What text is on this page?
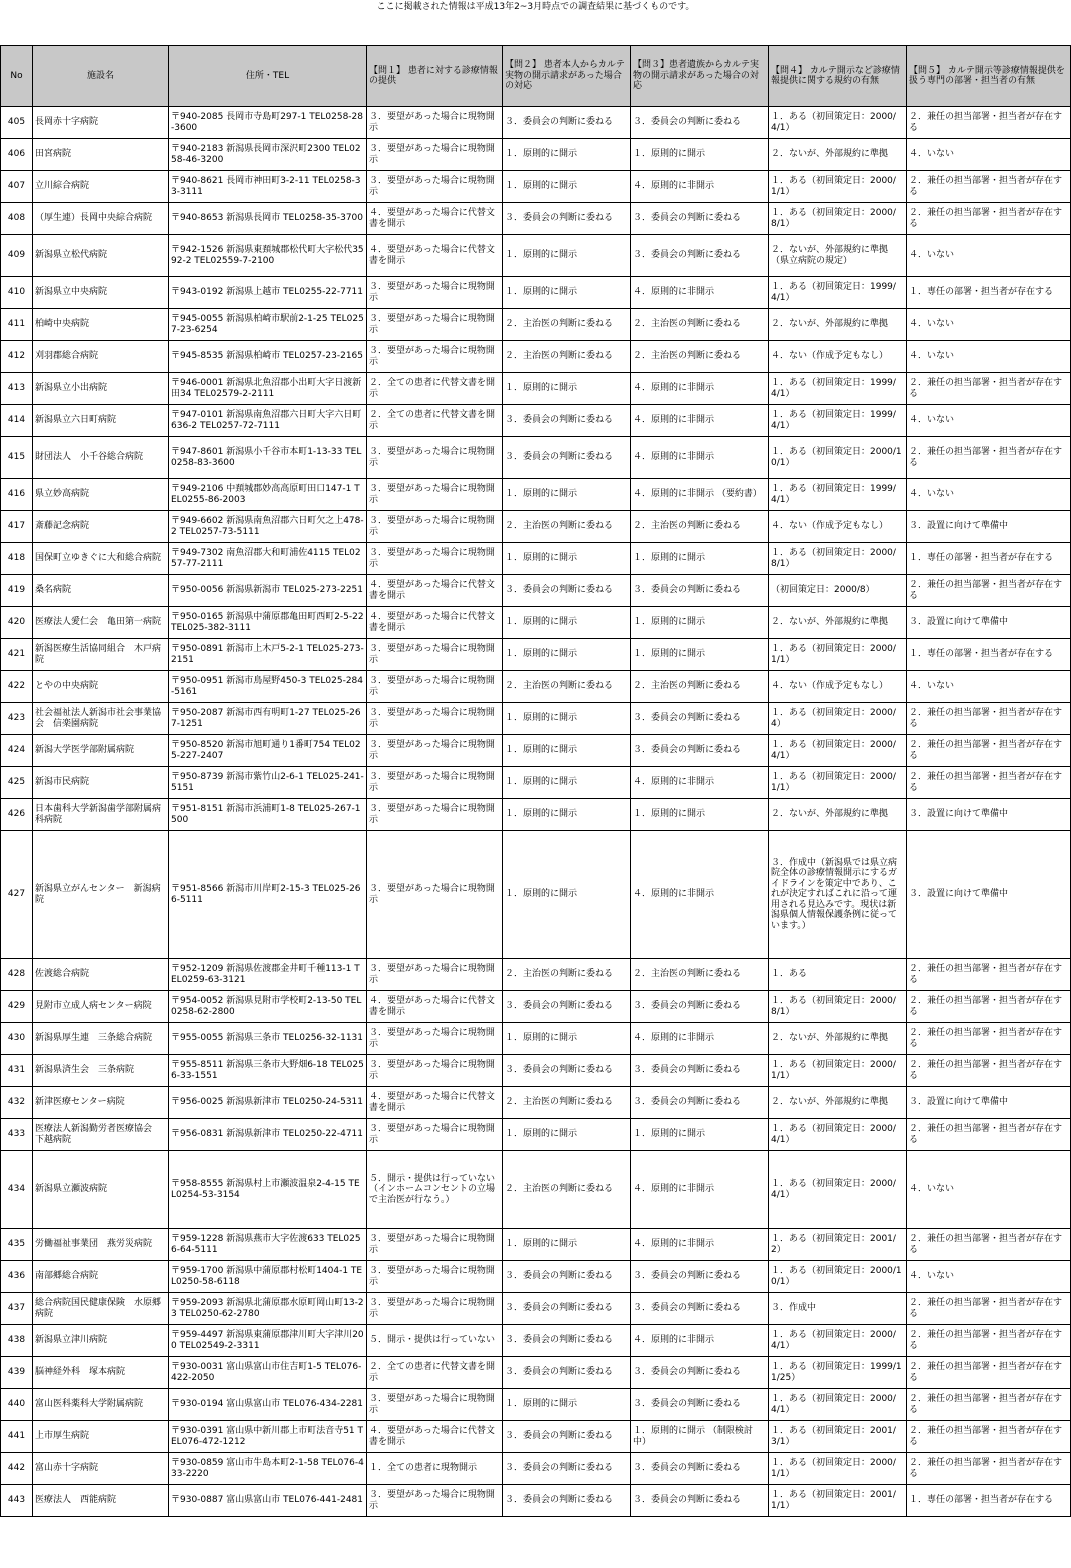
ここに掲載された情報は平成13年2~3月時点での調査結果に基づくものです。
No	施設名	住所・TEL	【問１】 患者に対する診療情報の提供	【問２】 患者本人からカルテ実物の開示請求があった場合の対応	【問３】患者遺族からカルテ実物の開示請求があった場合の対応	【問４】 カルテ開示など診療情報提供に関する規約の有無	【問５】 カルテ開示等診療情報提供を扱う専門の部署・担当者の有無
405	長岡赤十字病院	〒940-2085 長岡市寺島町297-1 TEL0258-28-3600	３．要望があった場合に現物開示	３．委員会の判断に委ねる	３．委員会の判断に委ねる	１．ある（初回策定日：2000/4/1）	２．兼任の担当部署・担当者が存在する
406	田宮病院	〒940-2183 新潟県長岡市深沢町2300 TEL0258-46-3200	３．要望があった場合に現物開示	１．原則的に開示	１．原則的に開示	２．ないが、外部規約に準拠	４．いない
407	立川綜合病院	〒940-8621 長岡市神田町3-2-11 TEL0258-33-3111	３．要望があった場合に現物開示	１．原則的に開示	４．原則的に非開示	１．ある（初回策定日：2000/1/1）	２．兼任の担当部署・担当者が存在する
408	（厚生連）長岡中央綜合病院	〒940-8653 新潟県長岡市 TEL0258-35-3700	４．要望があった場合に代替文書を開示	３．委員会の判断に委ねる	３．委員会の判断に委ねる	１．ある（初回策定日：2000/8/1）	２．兼任の担当部署・担当者が存在する
409	新潟県立松代病院	〒942-1526 新潟県東頚城郡松代町大字松代3592-2 TEL02559-7-2100	４．要望があった場合に代替文書を開示	１．原則的に開示	３．委員会の判断に委ねる	２．ないが、外部規約に準拠（県立病院の規定）	４．いない
410	新潟県立中央病院	〒943-0192 新潟県上越市 TEL0255-22-7711	３．要望があった場合に現物開示	１．原則的に開示	４．原則的に非開示	１．ある（初回策定日：1999/4/1）	１．専任の部署・担当者が存在する
411	柏崎中央病院	〒945-0055 新潟県柏崎市駅前2-1-25 TEL0257-23-6254	３．要望があった場合に現物開示	２．主治医の判断に委ねる	２．主治医の判断に委ねる	２．ないが、外部規約に準拠	４．いない
412	刈羽郡総合病院	〒945-8535 新潟県柏崎市 TEL0257-23-2165	３．要望があった場合に現物開示	２．主治医の判断に委ねる	２．主治医の判断に委ねる	４．ない（作成予定もなし）	４．いない
413	新潟県立小出病院	〒946-0001 新潟県北魚沼郡小出町大字日渡新田34 TEL02579-2-2111	２．全ての患者に代替文書を開示	１．原則的に開示	４．原則的に非開示	１．ある（初回策定日：1999/4/1）	２．兼任の担当部署・担当者が存在する
414	新潟県立六日町病院	〒947-0101 新潟県南魚沼郡六日町大字六日町636-2 TEL0257-72-7111	２．全ての患者に代替文書を開示	３．委員会の判断に委ねる	４．原則的に非開示	１．ある（初回策定日：1999/4/1）	４．いない
415	財団法人　小千谷総合病院	〒947-8601 新潟県小千谷市本町1-13-33 TEL0258-83-3600	３．要望があった場合に現物開示	３．委員会の判断に委ねる	４．原則的に非開示	１．ある（初回策定日：2000/10/1）	２．兼任の担当部署・担当者が存在する
416	県立妙高病院	〒949-2106 中頚城郡妙高高原町田口147-1 TEL0255-86-2003	３．要望があった場合に現物開示	１．原則的に開示	４．原則的に非開示 （要約書）	１．ある（初回策定日：1999/4/1）	４．いない
417	斎藤記念病院	〒949-6602 新潟県南魚沼郡六日町欠之上478-2 TEL0257-73-5111	３．要望があった場合に現物開示	２．主治医の判断に委ねる	２．主治医の判断に委ねる	４．ない（作成予定もなし）	３．設置に向けて準備中
418	国保町立ゆきぐに大和総合病院	〒949-7302 南魚沼郡大和町浦佐4115 TEL0257-77-2111	３．要望があった場合に現物開示	１．原則的に開示	１．原則的に開示	１．ある（初回策定日：2000/8/1）	１．専任の部署・担当者が存在する
419	桑名病院	〒950-0056 新潟県新潟市 TEL025-273-2251	４．要望があった場合に代替文書を開示	３．委員会の判断に委ねる	３．委員会の判断に委ねる	（初回策定日：2000/8）	２．兼任の担当部署・担当者が存在する
420	医療法人愛仁会　亀田第一病院	〒950-0165 新潟県中蒲原郡亀田町西町2-5-22 TEL025-382-3111	４．要望があった場合に代替文書を開示	１．原則的に開示	１．原則的に開示	２．ないが、外部規約に準拠	３．設置に向けて準備中
421	新潟医療生活協同組合　木戸病院	〒950-0891 新潟市上木戸5-2-1 TEL025-273-2151	３．要望があった場合に現物開示	１．原則的に開示	１．原則的に開示	１．ある（初回策定日：2000/1/1）	１．専任の部署・担当者が存在する
422	とやの中央病院	〒950-0951 新潟市鳥屋野450-3 TEL025-284-5161	３．要望があった場合に現物開示	２．主治医の判断に委ねる	２．主治医の判断に委ねる	４．ない（作成予定もなし）	４．いない
423	社会福祉法人新潟市社会事業協会　信楽園病院	〒950-2087 新潟市西有明町1-27 TEL025-267-1251	３．要望があった場合に現物開示	１．原則的に開示	３．委員会の判断に委ねる	１．ある（初回策定日：2000/4）	２．兼任の担当部署・担当者が存在する
424	新潟大学医学部附属病院	〒950-8520 新潟市旭町通り1番町754 TEL025-227-2407	３．要望があった場合に現物開示	１．原則的に開示	３．委員会の判断に委ねる	１．ある（初回策定日：2000/4/1）	２．兼任の担当部署・担当者が存在する
425	新潟市民病院	〒950-8739 新潟市紫竹山2-6-1 TEL025-241-5151	３．要望があった場合に現物開示	１．原則的に開示	４．原則的に非開示	１．ある（初回策定日：2000/1/1）	２．兼任の担当部署・担当者が存在する
426	日本歯科大学新潟歯学部附属病科病院	〒951-8151 新潟市浜浦町1-8 TEL025-267-1500	３．要望があった場合に現物開示	１．原則的に開示	１．原則的に開示	２．ないが、外部規約に準拠	３．設置に向けて準備中
427	新潟県立がんセンター　新潟病院	〒951-8566 新潟市川岸町2-15-3 TEL025-266-5111	３．要望があった場合に現物開示	１．原則的に開示	４．原則的に非開示	３．作成中（新潟県では県立病院全体の診療情報開示にするガイドラインを策定中であり、これが決定すればこれに沿って運用される見込みです。現状は新潟県個人情報保護条例に従っています。）	３．設置に向けて準備中
428	佐渡総合病院	〒952-1209 新潟県佐渡郡金井町千種113-1 TEL0259-63-3121	３．要望があった場合に現物開示	２．主治医の判断に委ねる	２．主治医の判断に委ねる	１．ある	２．兼任の担当部署・担当者が存在する
429	見附市立成人病センター病院	〒954-0052 新潟県見附市学校町2-13-50 TEL0258-62-2800	４．要望があった場合に代替文書を開示	３．委員会の判断に委ねる	３．委員会の判断に委ねる	１．ある（初回策定日：2000/8/1）	２．兼任の担当部署・担当者が存在する
430	新潟県厚生連　三条総合病院	〒955-0055 新潟県三条市 TEL0256-32-1131	３．要望があった場合に現物開示	１．原則的に開示	４．原則的に非開示	２．ないが、外部規約に準拠	２．兼任の担当部署・担当者が存在する
431	新潟県済生会　三条病院	〒955-8511 新潟県三条市大野畑6-18 TEL0256-33-1551	３．要望があった場合に現物開示	３．委員会の判断に委ねる	３．委員会の判断に委ねる	１．ある（初回策定日：2000/1/1）	２．兼任の担当部署・担当者が存在する
432	新津医療センター病院	〒956-0025 新潟県新津市 TEL0250-24-5311	４．要望があった場合に代替文書を開示	２．主治医の判断に委ねる	３．委員会の判断に委ねる	２．ないが、外部規約に準拠	３．設置に向けて準備中
433	医療法人新潟勤労者医療協会　下越病院	〒956-0831 新潟県新津市 TEL0250-22-4711	３．要望があった場合に現物開示	１．原則的に開示	１．原則的に開示	１．ある（初回策定日：2000/4/1）	２．兼任の担当部署・担当者が存在する
434	新潟県立瀬波病院	〒958-8555 新潟県村上市瀬波温泉2-4-15 TEL0254-53-3154	５．開示・提供は行っていない（インホームコンセントの立場で主治医が行なう。）	２．主治医の判断に委ねる	４．原則的に非開示	１．ある（初回策定日：2000/4/1）	４．いない
435	労働福祉事業団　燕労災病院	〒959-1228 新潟県燕市大字佐渡633 TEL0256-64-5111	３．要望があった場合に現物開示	１．原則的に開示	４．原則的に非開示	１．ある（初回策定日：2001/2）	２．兼任の担当部署・担当者が存在する
436	南部郷総合病院	〒959-1700 新潟県中蒲原郡村松町1404-1 TEL0250-58-6118	３．要望があった場合に現物開示	３．委員会の判断に委ねる	３．委員会の判断に委ねる	１．ある（初回策定日：2000/10/1）	４．いない
437	総合病院国民健康保険　水原郷病院	〒959-2093 新潟県北蒲原郡水原町岡山町13-23 TEL0250-62-2780	３．要望があった場合に現物開示	３．委員会の判断に委ねる	３．委員会の判断に委ねる	３．作成中	２．兼任の担当部署・担当者が存在する
438	新潟県立津川病院	〒959-4497 新潟県東蒲原郡津川町大字津川200 TEL02549-2-3311	５．開示・提供は行っていない	３．委員会の判断に委ねる	４．原則的に非開示	１．ある（初回策定日：2000/4/1）	２．兼任の担当部署・担当者が存在する
439	脳神経外科　塚本病院	〒930-0031 富山県富山市住吉町1-5 TEL076-422-2050	２．全ての患者に代替文書を開示	３．委員会の判断に委ねる	３．委員会の判断に委ねる	１．ある（初回策定日：1999/11/25）	２．兼任の担当部署・担当者が存在する
440	富山医科薬科大学附属病院	〒930-0194 富山県富山市 TEL076-434-2281	３．要望があった場合に現物開示	１．原則的に開示	３．委員会の判断に委ねる	１．ある（初回策定日：2000/4/1）	２．兼任の担当部署・担当者が存在する
441	上市厚生病院	〒930-0391 富山県中新川郡上市町法音寺51 TEL076-472-1212	４．要望があった場合に代替文書を開示	３．委員会の判断に委ねる	１．原則的に開示 （制限検討中）	１．ある（初回策定日：2001/3/1）	２．兼任の担当部署・担当者が存在する
442	富山赤十字病院	〒930-0859 富山市牛島本町2-1-58 TEL076-433-2220	１．全ての患者に現物開示	３．委員会の判断に委ねる	３．委員会の判断に委ねる	１．ある（初回策定日：2000/1/1）	２．兼任の担当部署・担当者が存在する
443	医療法人　西能病院	〒930-0887 富山県富山市 TEL076-441-2481	３．要望があった場合に現物開示	３．委員会の判断に委ねる	３．委員会の判断に委ねる	１．ある（初回策定日：2001/1/1）	１．専任の部署・担当者が存在する
